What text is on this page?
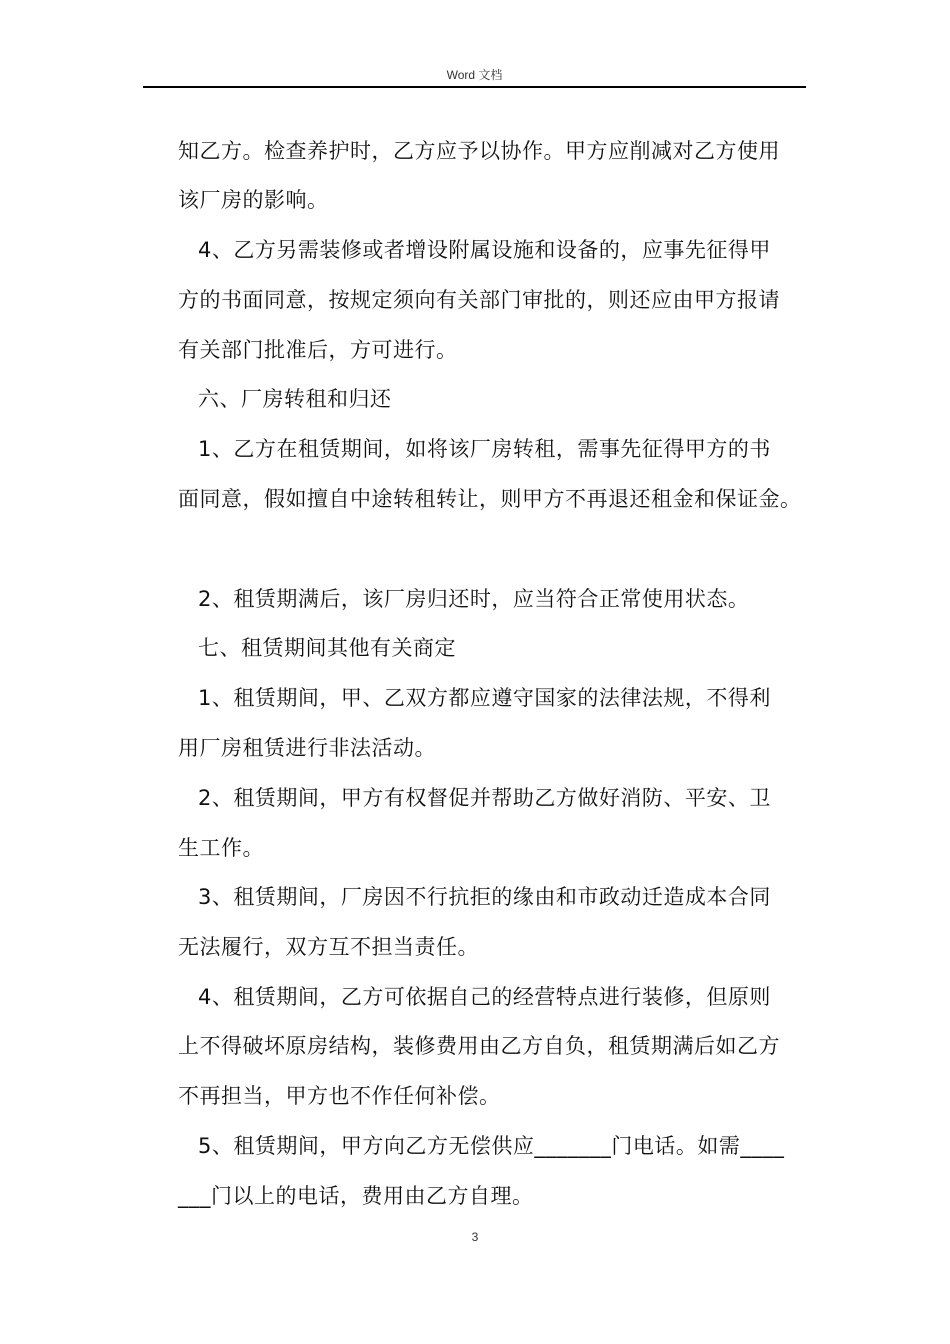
Word 文档
知乙方。检查养护时，乙方应予以协作。甲方应削减对乙方使用
该厂房的影响。
4、乙方另需装修或者增设附属设施和设备的，应事先征得甲
方的书面同意，按规定须向有关部门审批的，则还应由甲方报请
有关部门批准后，方可进行。
六、厂房转租和归还
1、乙方在租赁期间，如将该厂房转租，需事先征得甲方的书
面同意，假如擅自中途转租转让，则甲方不再退还租金和保证金。
2、租赁期满后，该厂房归还时，应当符合正常使用状态。
七、租赁期间其他有关商定
1、租赁期间，甲、乙双方都应遵守国家的法律法规，不得利
用厂房租赁进行非法活动。
2、租赁期间，甲方有权督促并帮助乙方做好消防、平安、卫
生工作。
3、租赁期间，厂房因不行抗拒的缘由和市政动迁造成本合同
无法履行，双方互不担当责任。
4、租赁期间，乙方可依据自己的经营特点进行装修，但原则
上不得破坏原房结构，装修费用由乙方自负，租赁期满后如乙方
不再担当，甲方也不作任何补偿。
5、租赁期间，甲方向乙方无偿供应_______门电话。如需____
___门以上的电话，费用由乙方自理。
3
